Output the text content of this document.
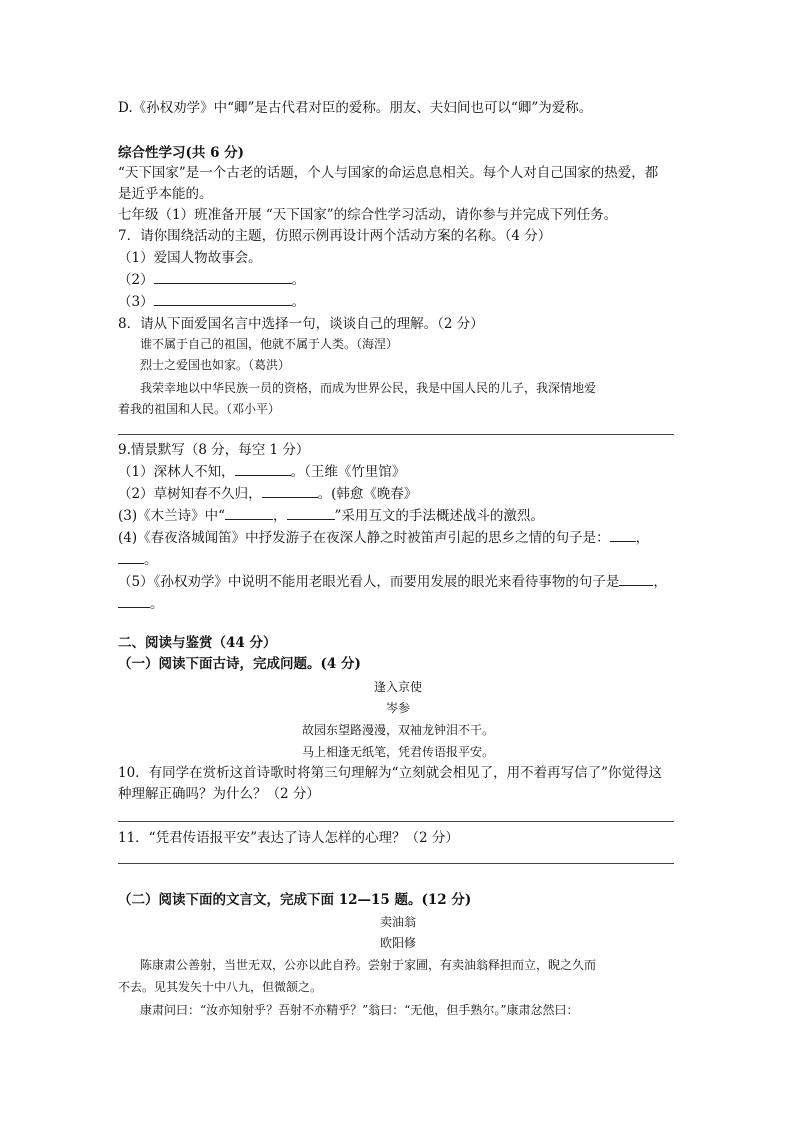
D.《孙权劝学》中“卿”是古代君对臣的爱称。朋友、夫妇间也可以“卿”为爱称。
综合性学习(共 6 分)
“天下国家”是一个古老的话题，个人与国家的命运息息相关。每个人对自己国家的热爱，都
是近乎本能的。
七年级（1）班准备开展 “天下国家”的综合性学习活动，请你参与并完成下列任务。
7．请你围绕活动的主题，仿照示例再设计两个活动方案的名称。（4 分）
（1）爱国人物故事会。
（2）	。
（3）	。
8．请从下面爱国名言中选择一句，谈谈自己的理解。（2 分）
谁不属于自己的祖国，他就不属于人类。（海涅）
烈士之爱国也如家。（葛洪）
我荣幸地以中华民族一员的资格，而成为世界公民，我是中国人民的儿子，我深情地爱
着我的祖国和人民。（邓小平）
9.情景默写（8 分，每空 1 分）
（1）深林人不知，	。（王维《竹里馆》
（2）草树知春不久归，	。(韩愈《晚春》
(3)《木兰诗》中“	，	”采用互文的手法概述战斗的激烈。
(4)《春夜洛城闻笛》中抒发游子在夜深人静之时被笛声引起的思乡之情的句子是： ，
。
（5）《孙权劝学》中说明不能用老眼光看人，而要用发展的眼光来看待事物的句子是	，
。
二、阅读与鉴赏（44 分）
（一）阅读下面古诗，完成问题。(4 分)
逢入京使
岑参
故园东望路漫漫，双袖龙钟泪不干。
马上相逢无纸笔，凭君传语报平安。
10．有同学在赏析这首诗歌时将第三句理解为“立刻就会相见了，用不着再写信了”你觉得这
种理解正确吗？为什么？（2 分）
11．“凭君传语报平安”表达了诗人怎样的心理？（2 分）
（二）阅读下面的文言文，完成下面 12—15 题。(12 分)
卖油翁
欧阳修
陈康肃公善射，当世无双，公亦以此自矜。尝射于家圃，有卖油翁释担而立，睨之久而
不去。见其发矢十中八九，但微颔之。
康肃问曰：“汝亦知射乎？吾射不亦精乎？”翁曰：“无他，但手熟尔。”康肃忿然曰：
